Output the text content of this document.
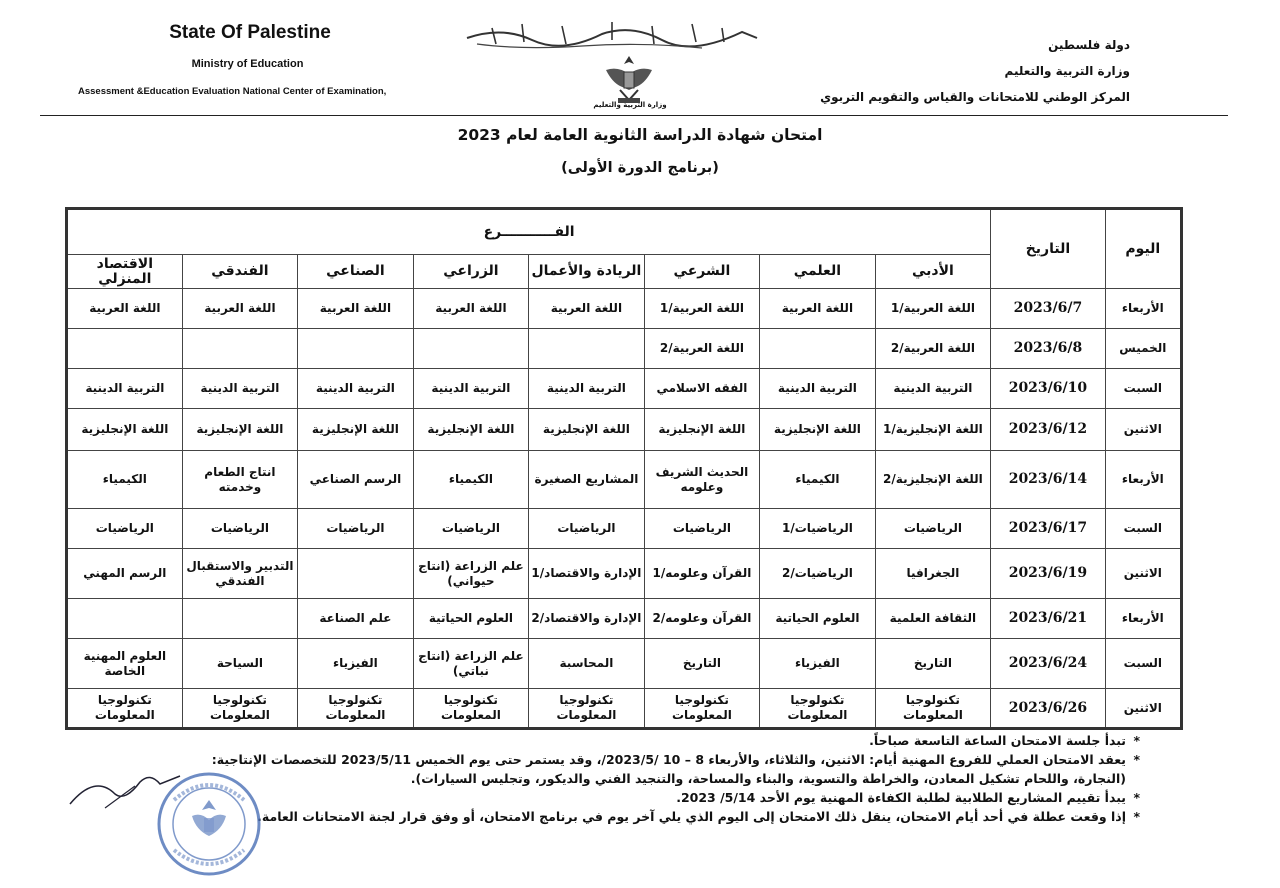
State Of Palestine
Ministry of Education
Assessment &Education Evaluation National Center of Examination,
وزارة التربية والتعليم
دولة فلسطين
وزارة التربية والتعليم
المركز الوطني للامتحانات والقياس والتقويم التربوي
امتحان شهادة الدراسة الثانوية العامة لعام 2023
(برنامج الدورة الأولى)
اليوم	التاريخ	الفـــــــــــرع							
		الأدبي	العلمي	الشرعي	الريادة والأعمال	الزراعي	الصناعي	الفندقي	الاقتصاد المنزلي
الأربعاء	2023/6/7	اللغة العربية/1	اللغة العربية	اللغة العربية/1	اللغة العربية	اللغة العربية	اللغة العربية	اللغة العربية	اللغة العربية
الخميس	2023/6/8	اللغة العربية/2		اللغة العربية/2					
السبت	2023/6/10	التربية الدينية	التربية الدينية	الفقه الاسلامي	التربية الدينية	التربية الدينية	التربية الدينية	التربية الدينية	التربية الدينية
الاثنين	2023/6/12	اللغة الإنجليزية/1	اللغة الإنجليزية	اللغة الإنجليزية	اللغة الإنجليزية	اللغة الإنجليزية	اللغة الإنجليزية	اللغة الإنجليزية	اللغة الإنجليزية
الأربعاء	2023/6/14	اللغة الإنجليزية/2	الكيمياء	الحديث الشريف وعلومه	المشاريع الصغيرة	الكيمياء	الرسم الصناعي	انتاج الطعام وخدمته	الكيمياء
السبت	2023/6/17	الرياضيات	الرياضيات/1	الرياضيات	الرياضيات	الرياضيات	الرياضيات	الرياضيات	الرياضيات
الاثنين	2023/6/19	الجغرافيا	الرياضيات/2	القرآن وعلومه/1	الإدارة والاقتصاد/1	علم الزراعة (انتاج حيواني)		التدبير والاستقبال الفندقي	الرسم المهني
الأربعاء	2023/6/21	الثقافة العلمية	العلوم الحياتية	القرآن وعلومه/2	الإدارة والاقتصاد/2	العلوم الحياتية	علم الصناعة		
السبت	2023/6/24	التاريخ	الفيزياء	التاريخ	المحاسبة	علم الزراعة (انتاج نباتي)	الفيزياء	السياحة	العلوم المهنية الخاصة
الاثنين	2023/6/26	تكنولوجيا المعلومات	تكنولوجيا المعلومات	تكنولوجيا المعلومات	تكنولوجيا المعلومات	تكنولوجيا المعلومات	تكنولوجيا المعلومات	تكنولوجيا المعلومات	تكنولوجيا المعلومات
* تبدأ جلسة الامتحان الساعة التاسعة صباحاً.
* يعقد الامتحان العملي للفروع المهنية أيام: الاثنين، والثلاثاء، والأربعاء 8 – 10 /2023/5/، وقد يستمر حتى يوم الخميس 2023/5/11 للتخصصات الإنتاجية:
(النجارة، واللحام تشكيل المعادن، والخراطة والتسوية، والبناء والمساحة، والتنجيد الفني والديكور، وتجليس السيارات).
* يبدأ تقييم المشاريع الطلابية لطلبة الكفاءة المهنية يوم الأحد 5/14/ 2023.
* إذا وقعت عطلة في أحد أيام الامتحان، ينقل ذلك الامتحان إلى اليوم الذي يلي آخر يوم في برنامج الامتحان، أو وفق قرار لجنة الامتحانات العامة.
